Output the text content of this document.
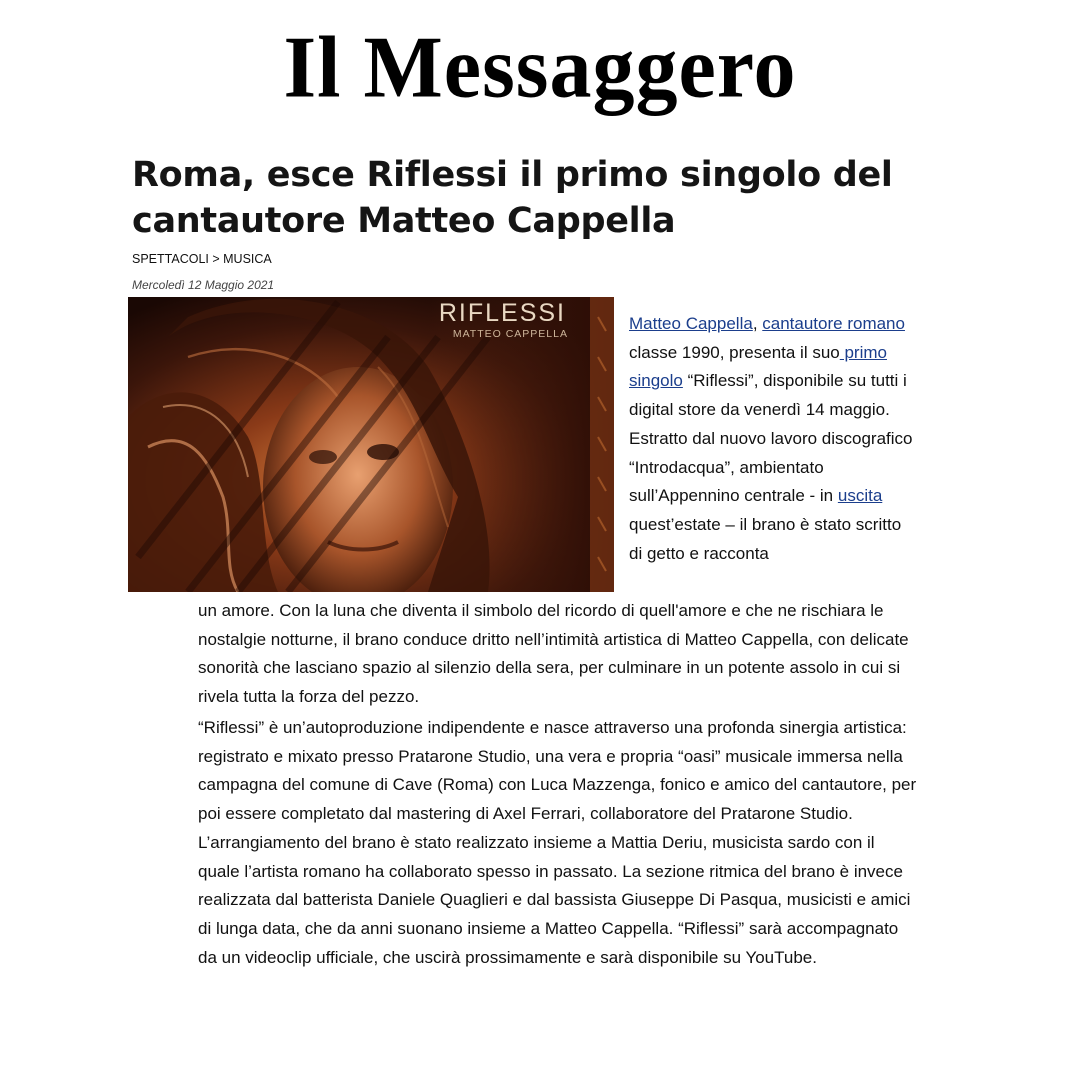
Il Messaggero
Roma, esce Riflessi il primo singolo del cantautore Matteo Cappella
SPETTACOLI > MUSICA
Mercoledì 12 Maggio 2021
RIFLESSI
MATTEO CAPPELLA
Matteo Cappella, cantautore romano classe 1990, presenta il suo primo singolo “Riflessi”, disponibile su tutti i digital store da venerdì 14 maggio. Estratto dal nuovo lavoro discografico “Introdacqua”, ambientato sull’Appennino centrale - in uscita quest’estate – il brano è stato scritto di getto e racconta
un amore. Con la luna che diventa il simbolo del ricordo di quell'amore e che ne rischiara le nostalgie notturne, il brano conduce dritto nell’intimità artistica di Matteo Cappella, con delicate sonorità che lasciano spazio al silenzio della sera, per culminare in un potente assolo in cui si rivela tutta la forza del pezzo.
“Riflessi” è un’autoproduzione indipendente e nasce attraverso una profonda sinergia artistica: registrato e mixato presso Pratarone Studio, una vera e propria “oasi” musicale immersa nella campagna del comune di Cave (Roma) con Luca Mazzenga, fonico e amico del cantautore, per poi essere completato dal mastering di Axel Ferrari, collaboratore del Pratarone Studio. L’arrangiamento del brano è stato realizzato insieme a Mattia Deriu, musicista sardo con il quale l’artista romano ha collaborato spesso in passato. La sezione ritmica del brano è invece realizzata dal batterista Daniele Quaglieri e dal bassista Giuseppe Di Pasqua, musicisti e amici di lunga data, che da anni suonano insieme a Matteo Cappella. “Riflessi” sarà accompagnato da un videoclip ufficiale, che uscirà prossimamente e sarà disponibile su YouTube.
